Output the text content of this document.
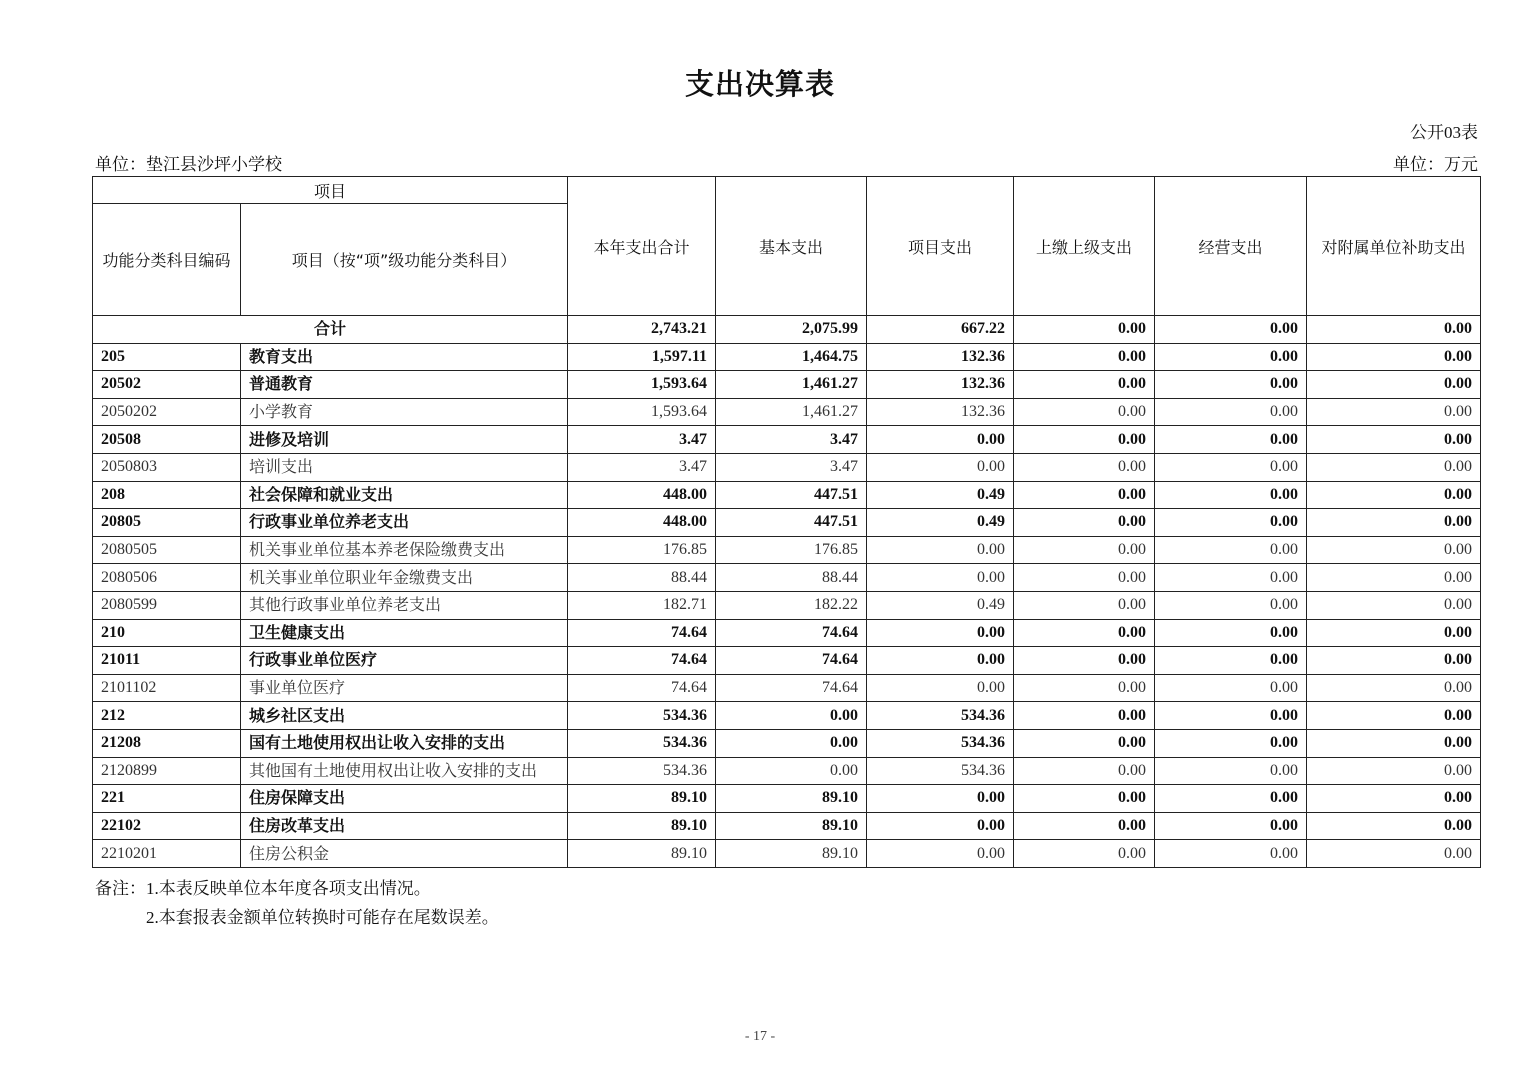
支出决算表
公开03表
单位：垫江县沙坪小学校	单位：万元
项目		本年支出合计	基本支出	项目支出	上缴上级支出	经营支出	对附属单位补助支出
功能分类科目编码	项目（按“项”级功能分类科目）						
合计		2,743.21	2,075.99	667.22	0.00	0.00	0.00
205	教育支出	1,597.11	1,464.75	132.36	0.00	0.00	0.00
20502	普通教育	1,593.64	1,461.27	132.36	0.00	0.00	0.00
2050202	小学教育	1,593.64	1,461.27	132.36	0.00	0.00	0.00
20508	进修及培训	3.47	3.47	0.00	0.00	0.00	0.00
2050803	培训支出	3.47	3.47	0.00	0.00	0.00	0.00
208	社会保障和就业支出	448.00	447.51	0.49	0.00	0.00	0.00
20805	行政事业单位养老支出	448.00	447.51	0.49	0.00	0.00	0.00
2080505	机关事业单位基本养老保险缴费支出	176.85	176.85	0.00	0.00	0.00	0.00
2080506	机关事业单位职业年金缴费支出	88.44	88.44	0.00	0.00	0.00	0.00
2080599	其他行政事业单位养老支出	182.71	182.22	0.49	0.00	0.00	0.00
210	卫生健康支出	74.64	74.64	0.00	0.00	0.00	0.00
21011	行政事业单位医疗	74.64	74.64	0.00	0.00	0.00	0.00
2101102	事业单位医疗	74.64	74.64	0.00	0.00	0.00	0.00
212	城乡社区支出	534.36	0.00	534.36	0.00	0.00	0.00
21208	国有土地使用权出让收入安排的支出	534.36	0.00	534.36	0.00	0.00	0.00
2120899	其他国有土地使用权出让收入安排的支出	534.36	0.00	534.36	0.00	0.00	0.00
221	住房保障支出	89.10	89.10	0.00	0.00	0.00	0.00
22102	住房改革支出	89.10	89.10	0.00	0.00	0.00	0.00
2210201	住房公积金	89.10	89.10	0.00	0.00	0.00	0.00
备注：1.本表反映单位本年度各项支出情况。
2.本套报表金额单位转换时可能存在尾数误差。
- 17 -
